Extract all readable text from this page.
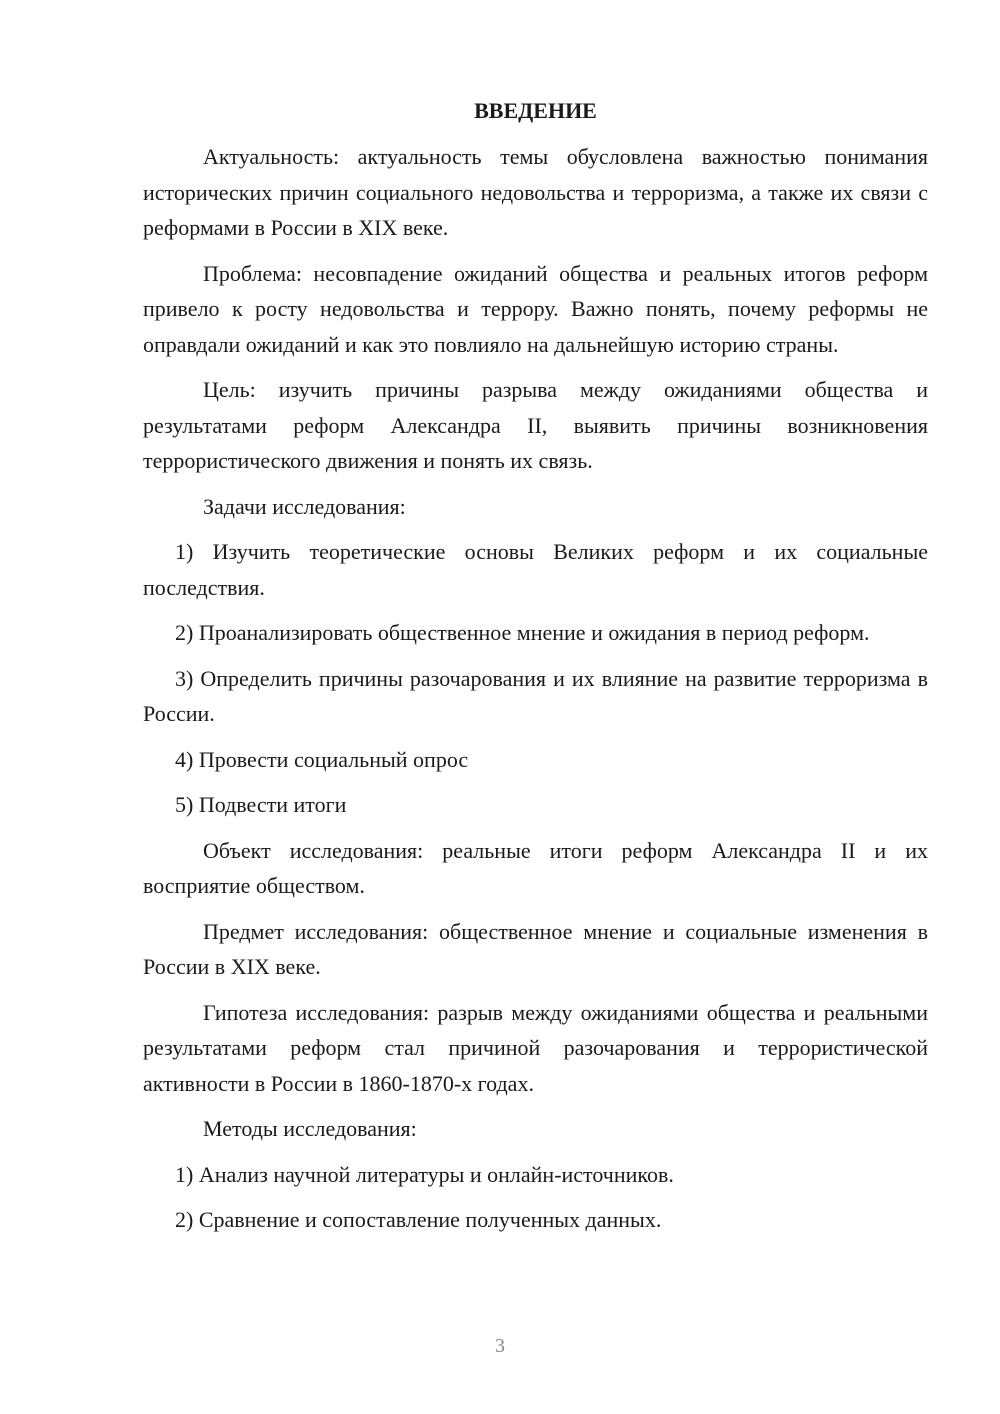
ВВЕДЕНИЕ

Актуальность: актуальность темы обусловлена важностью понимания исторических причин социального недовольства и терроризма, а также их связи с реформами в России в XIX веке.

Проблема: несовпадение ожиданий общества и реальных итогов реформ привело к росту недовольства и террору. Важно понять, почему реформы не оправдали ожиданий и как это повлияло на дальнейшую историю страны.

Цель: изучить причины разрыва между ожиданиями общества и результатами реформ Александра II, выявить причины возникновения террористического движения и понять их связь.

Задачи исследования:

1) Изучить теоретические основы Великих реформ и их социальные последствия.

2) Проанализировать общественное мнение и ожидания в период реформ.

3) Определить причины разочарования и их влияние на развитие терроризма в России.

4) Провести социальный опрос

5) Подвести итоги

Объект исследования: реальные итоги реформ Александра II и их восприятие обществом.

Предмет исследования: общественное мнение и социальные изменения в России в XIX веке.

Гипотеза исследования: разрыв между ожиданиями общества и реальными результатами реформ стал причиной разочарования и террористической активности в России в 1860-1870-х годах.

Методы исследования:

1) Анализ научной литературы и онлайн-источников.

2) Сравнение и сопоставление полученных данных.

3
